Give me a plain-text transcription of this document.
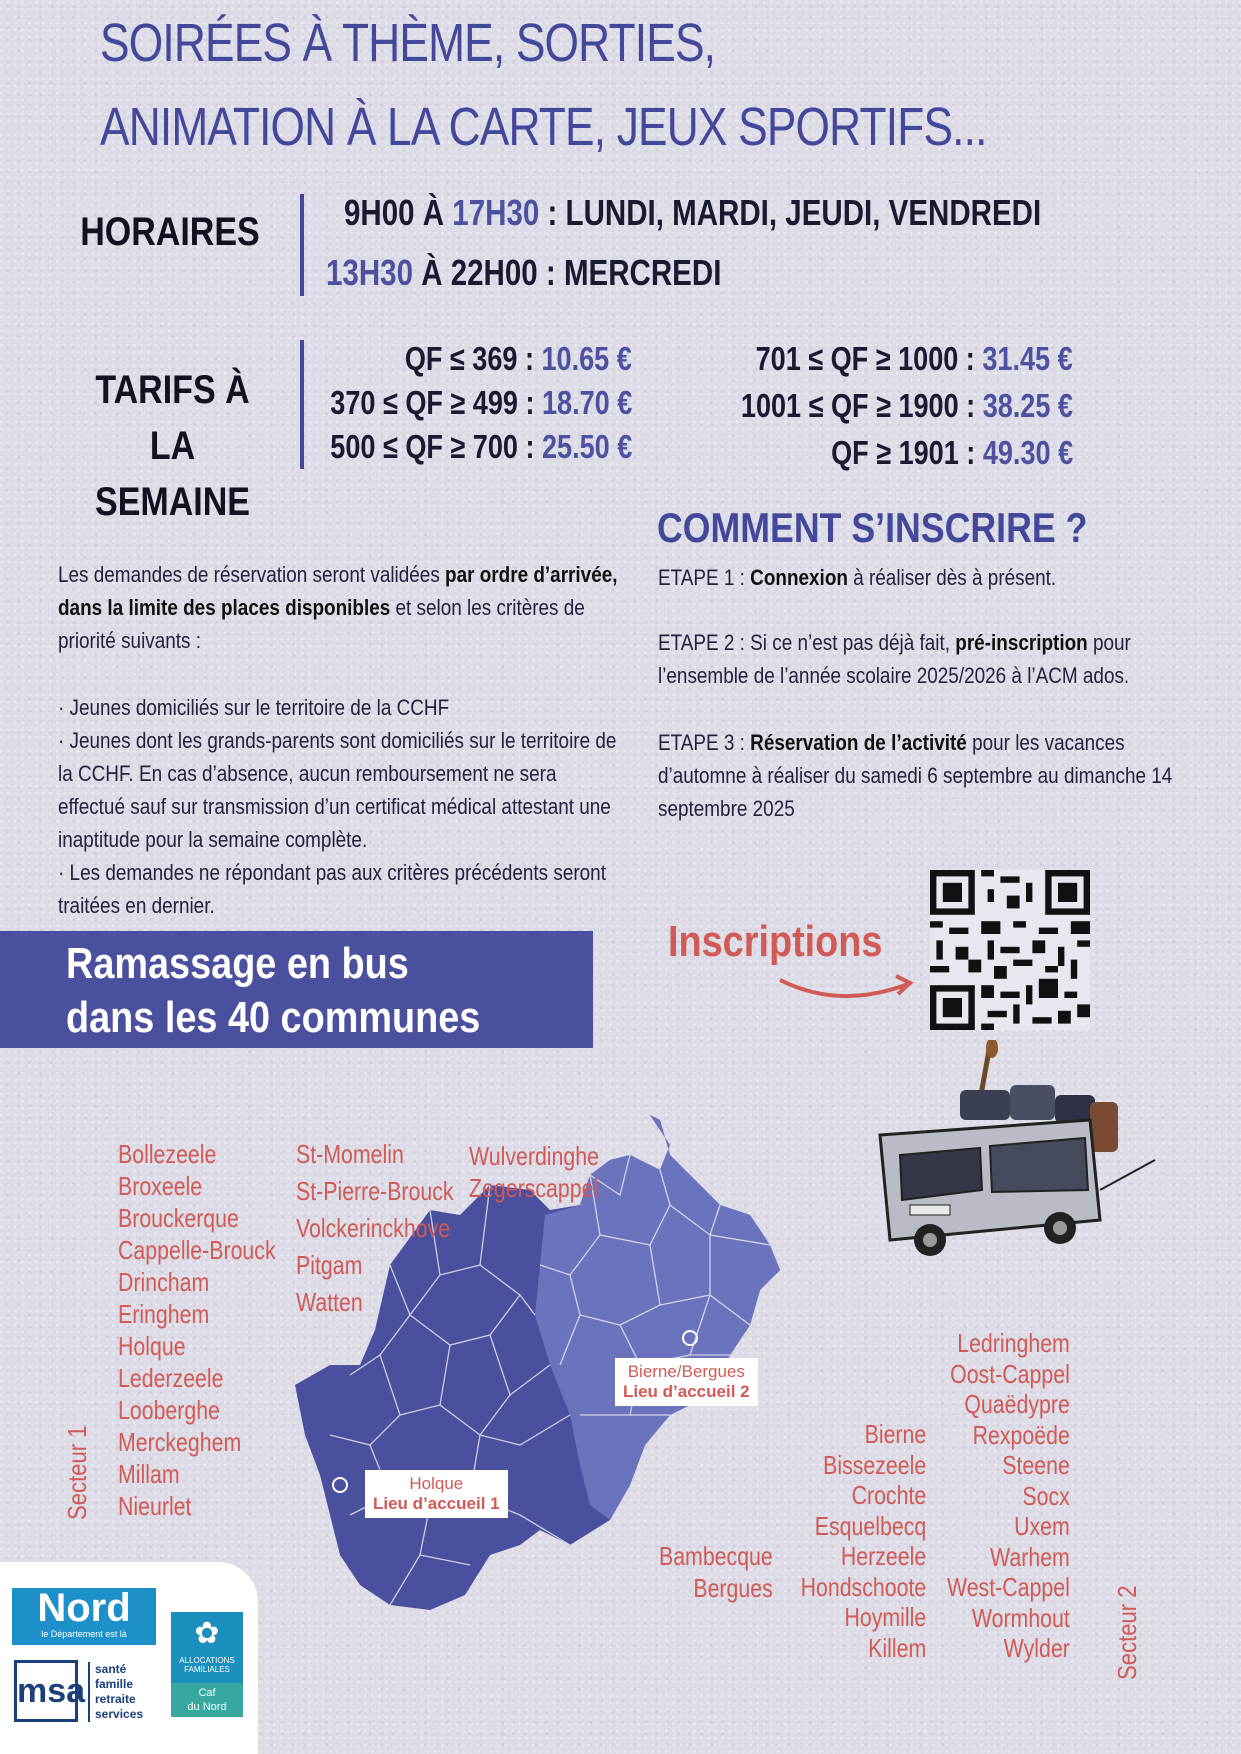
SOIRÉES À THÈME, SORTIES,
ANIMATION À LA CARTE, JEUX SPORTIFS...
HORAIRES 9H00 À 17H30 : LUNDI, MARDI, JEUDI, VENDREDI
13H30 À 22H00 : MERCREDI
TARIFS À LA
SEMAINE
QF ≤ 369 : 10.65 €
370 ≤ QF ≥ 499 : 18.70 €
500 ≤ QF ≥ 700 : 25.50 €
701 ≤ QF ≥ 1000 : 31.45 €
1001 ≤ QF ≥ 1900 : 38.25 €
QF ≥ 1901 : 49.30 €
Les demandes de réservation seront validées par ordre d’arrivée, dans la limite des places disponibles et selon les critères de priorité suivants :
· Jeunes domiciliés sur le territoire de la CCHF
· Jeunes dont les grands-parents sont domiciliés sur le territoire de la CCHF. En cas d’absence, aucun remboursement ne sera effectué sauf sur transmission d’un certificat médical attestant une inaptitude pour la semaine complète.
· Les demandes ne répondant pas aux critères précédents seront traitées en dernier.
COMMENT S’INSCRIRE ?
ETAPE 1 : Connexion à réaliser dès à présent.
ETAPE 2 : Si ce n’est pas déjà fait, pré-inscription pour l’ensemble de l’année scolaire 2025/2026 à l’ACM ados.
ETAPE 3 : Réservation de l’activité pour les vacances d’automne à réaliser du samedi 6 septembre au dimanche 14 septembre 2025
Inscriptions
Ramassage en bus
dans les 40 communes
Holque
Lieu d’accueil 1
Bierne/Bergues
Lieu d’accueil 2
Bollezeele
Broxeele
Brouckerque
Cappelle-Brouck
Drincham
Eringhem
Holque
Lederzeele
Looberghe
Merckeghem
Millam
Nieurlet
St-Momelin
St-Pierre-Brouck
Volckerinckhove
Pitgam
Watten
Wulverdinghe
Zegerscappel
Secteur 1
Bambecque
Bergues
Bierne
Bissezeele
Crochte
Esquelbecq
Herzeele
Hondschoote
Hoymille
Killem
Ledringhem
Oost-Cappel
Quaëdypre
Rexpoëde
Steene
Socx
Uxem
Warhem
West-Cappel
Wormhout
Wylder Secteur 2
Nord
le Département est là
msa
santé
famille
retraite
services
✿
ALLOCATIONS FAMILIALES
Caf
du Nord
